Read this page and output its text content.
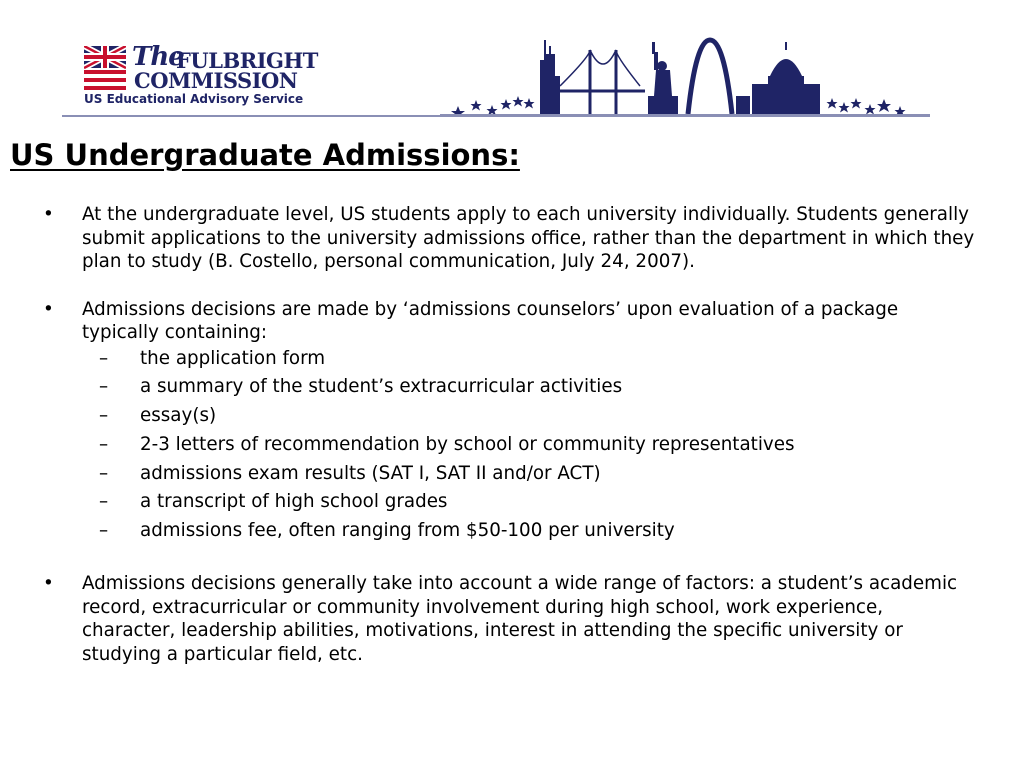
The
FULBRIGHT
COMMISSION
US Educational Advisory Service
US Undergraduate Admissions:
•	At the undergraduate level, US students apply to each university individually. Students generally submit applications to the university admissions office, rather than the department in which they plan to study (B. Costello, personal communication, July 24, 2007).
•	Admissions decisions are made by ‘admissions counselors’ upon evaluation of a package typically containing:
–	the application form
–	a summary of the student’s extracurricular activities
–	essay(s)
–	2-3 letters of recommendation by school or community representatives
–	admissions exam results (SAT I, SAT II and/or ACT)
–	a transcript of high school grades
–	admissions fee, often ranging from $50-100 per university
•	Admissions decisions generally take into account a wide range of factors: a student’s academic record, extracurricular or community involvement during high school, work experience, character, leadership abilities, motivations, interest in attending the specific university or studying a particular field, etc.
